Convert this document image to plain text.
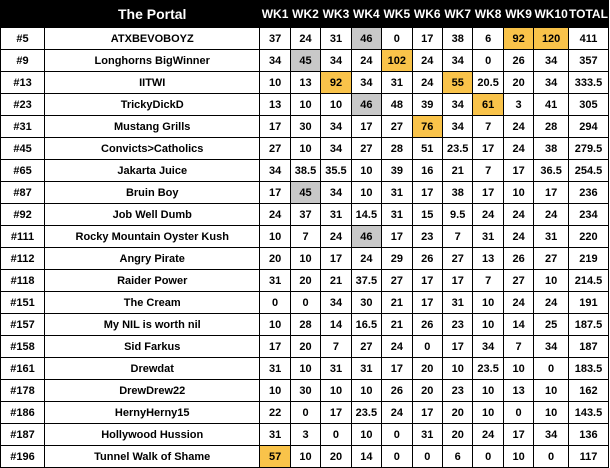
	The Portal	WK1	WK2	WK3	WK4	WK5	WK6	WK7	WK8	WK9	WK10	TOTAL
#5	ATXBEVOBOYZ	37	24	31	46	0	17	38	6	92	120	411
#9	Longhorns BigWinner	34	45	34	24	102	24	34	0	26	34	357
#13	IITWI	10	13	92	34	31	24	55	20.5	20	34	333.5
#23	TrickyDickD	13	10	10	46	48	39	34	61	3	41	305
#31	Mustang Grills	17	30	34	17	27	76	34	7	24	28	294
#45	Convicts>Catholics	27	10	34	27	28	51	23.5	17	24	38	279.5
#65	Jakarta Juice	34	38.5	35.5	10	39	16	21	7	17	36.5	254.5
#87	Bruin Boy	17	45	34	10	31	17	38	17	10	17	236
#92	Job Well Dumb	24	37	31	14.5	31	15	9.5	24	24	24	234
#111	Rocky Mountain Oyster Kush	10	7	24	46	17	23	7	31	24	31	220
#112	Angry Pirate	20	10	17	24	29	26	27	13	26	27	219
#118	Raider Power	31	20	21	37.5	27	17	17	7	27	10	214.5
#151	The Cream	0	0	34	30	21	17	31	10	24	24	191
#157	My NIL is worth nil	10	28	14	16.5	21	26	23	10	14	25	187.5
#158	Sid Farkus	17	20	7	27	24	0	17	34	7	34	187
#161	Drewdat	31	10	31	31	17	20	10	23.5	10	0	183.5
#178	DrewDrew22	10	30	10	10	26	20	23	10	13	10	162
#186	HernyHerny15	22	0	17	23.5	24	17	20	10	0	10	143.5
#187	Hollywood Hussion	31	3	0	10	0	31	20	24	17	34	136
#196	Tunnel Walk of Shame	57	10	20	14	0	0	6	0	10	0	117
